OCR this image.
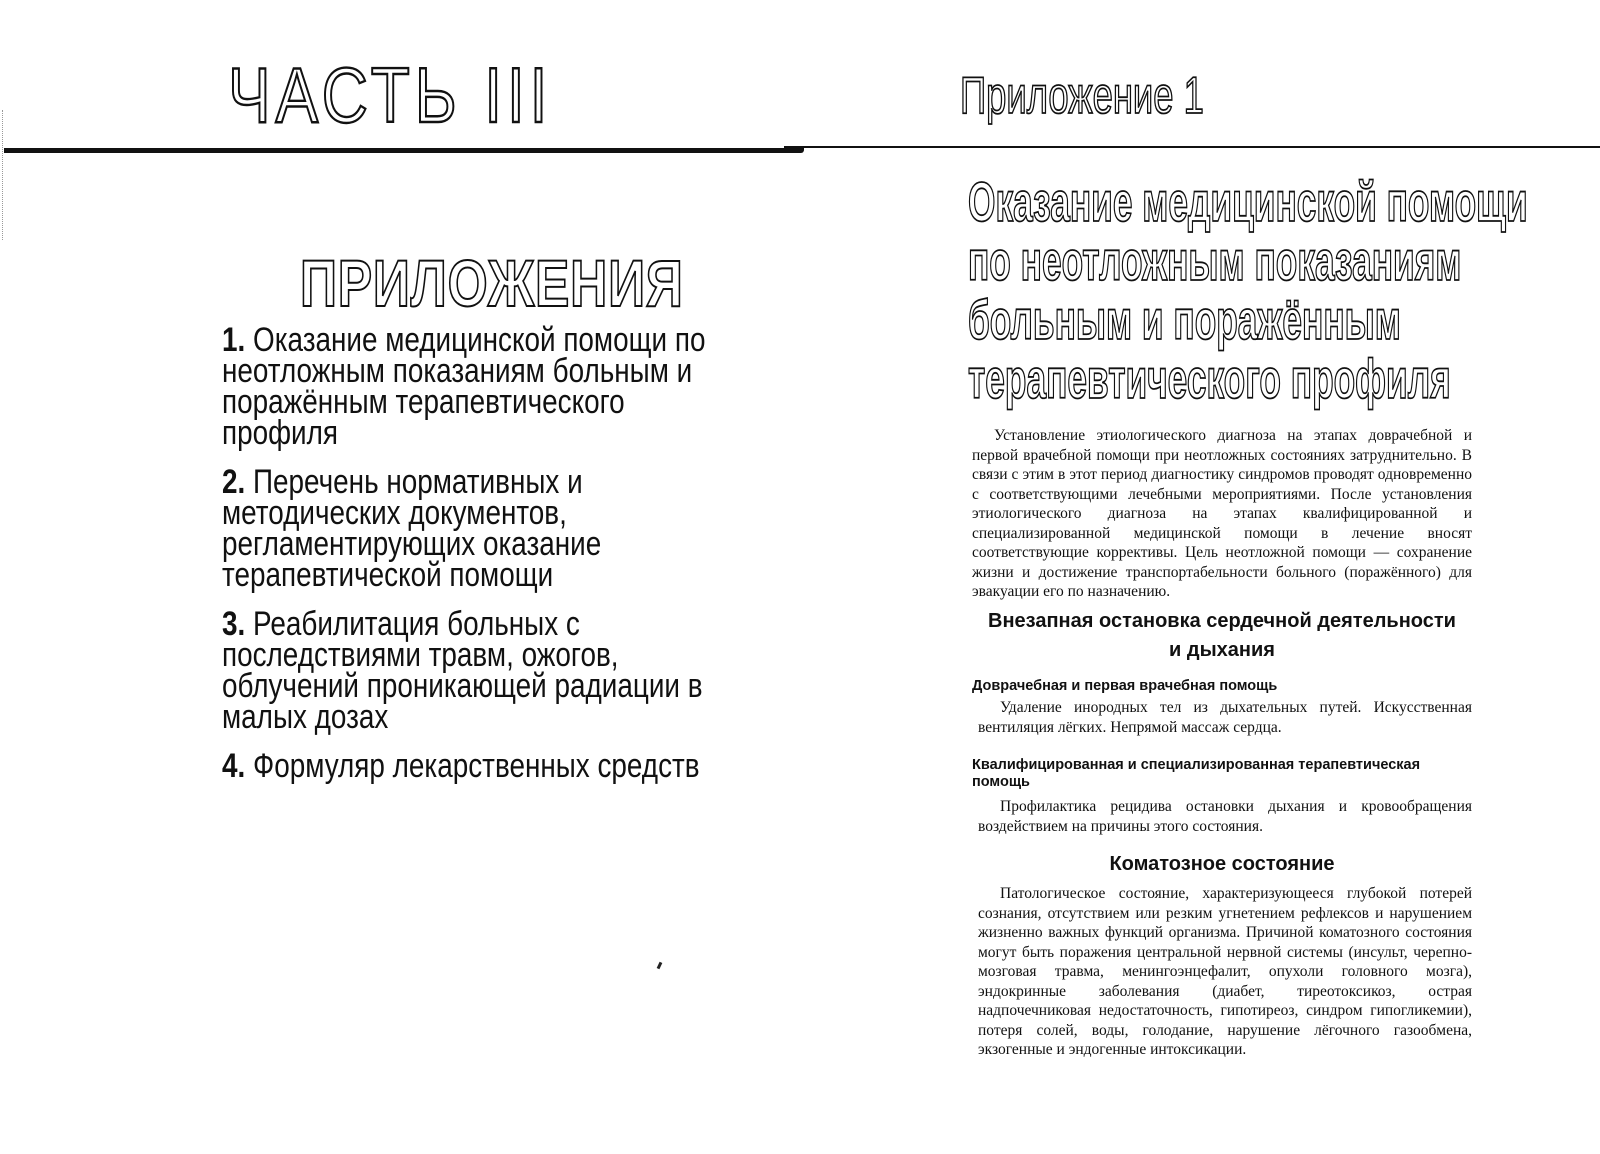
ЧАСТЬ III
ПРИЛОЖЕНИЯ
1. Оказание медицинской помощи по неотложным показаниям больным и поражённым терапевтического профиля
2. Перечень нормативных и методических документов, регламентирующих оказание терапевтической помощи
3. Реабилитация больных с последствиями травм, ожогов, облучений проникающей радиации в малых дозах
4. Формуляр лекарственных средств
Приложение 1
Оказание медицинской помощи
по неотложным показаниям
больным и поражённым
терапевтического профиля

Установление этиологического диагноза на этапах доврачебной и первой врачебной помощи при неотложных состояниях затруднительно. В связи с этим в этот период диагностику синдромов проводят одновременно с соответствующими лечебными мероприятиями. После установления этиологического диагноза на этапах квалифицированной и специализированной медицинской помощи в лечение вносят соответствующие коррективы. Цель неотложной помощи — сохранение жизни и достижение транспортабельности больного (поражённого) для эвакуации его по назначению.

Внезапная остановка сердечной деятельности
и дыхания
Доврачебная и первая врачебная помощь

Удаление инородных тел из дыхательных путей. Искусственная вентиляция лёгких. Непрямой массаж сердца.

Квалифицированная и специализированная терапевтическая помощь

Профилактика рецидива остановки дыхания и кровообращения воздействием на причины этого состояния.

Коматозное состояние

Патологическое состояние, характеризующееся глубокой потерей сознания, отсутствием или резким угнетением рефлексов и нарушением жизненно важных функций организма. Причиной коматозного состояния могут быть поражения центральной нервной системы (инсульт, черепно-мозговая травма, менингоэнцефалит, опухоли головного мозга), эндокринные заболевания (диабет, тиреотоксикоз, острая надпочечниковая недостаточность, гипотиреоз, синдром гипогликемии), потеря солей, воды, голодание, нарушение лёгочного газообмена, экзогенные и эндогенные интоксикации.
